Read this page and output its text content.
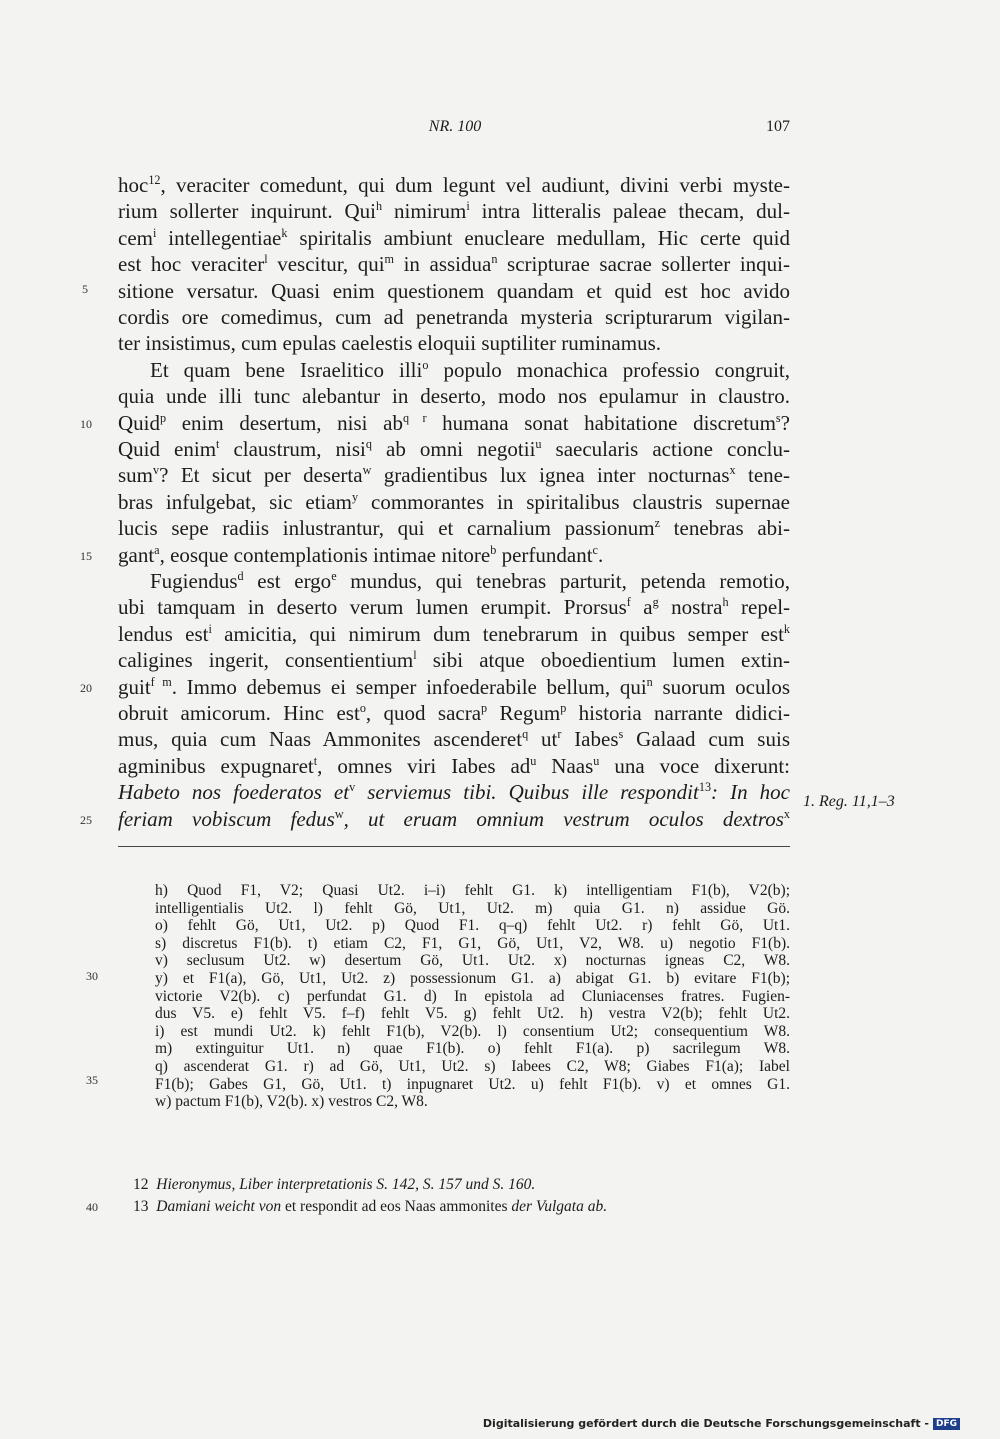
NR. 100	107
hoc$^{12}$, veraciter comedunt, qui dum legunt vel audiunt, divini verbi myste-
rium sollerter inquirunt. Qui$^h$ nimirum$^i$ intra litteralis paleae thecam, dul-
cem$^i$ intellegentiae$^k$ spiritalis ambiunt enucleare medullam, Hic certe quid
est hoc veraciter$^l$ vescitur, qui$^m$ in assidua$^n$ scripturae sacrae sollerter inqui-
sitione versatur. Quasi enim questionem quandam et quid est hoc avido
cordis ore comedimus, cum ad penetranda mysteria scripturarum vigilan-
ter insistimus, cum epulas caelestis eloquii suptiliter ruminamus.
Et quam bene Israelitico illi$^o$ populo monachica professio congruit,
quia unde illi tunc alebantur in deserto, modo nos epulamur in claustro.
Quid$^p$ enim desertum, nisi $ab^{q r}$ humana sonat habitatione discretum$^s$?
Quid enim$^t$ claustrum, nisi$^q$ ab omni negotii$^u$ saecularis actione conclu-
sum$^v$? Et sicut per deserta$^w$ gradientibus lux ignea inter nocturnas$^x$ tene-
bras infulgebat, sic etiam$^y$ commorantes in spiritalibus claustris supernae
lucis sepe radiis inlustrantur, qui et carnalium passionum$^z$ tenebras abi-
gant$^a$, eosque contemplationis intimae nitore$^b$ perfundant$^c$.
Fugiendus$^d$ est ergo$^e$ mundus, qui tenebras parturit, petenda remotio,
ubi tamquam in deserto verum lumen erumpit. Prorsus$^f$ $a^g$ nostra$^h$ repel-
lendus est$^i$ amicitia, qui nimirum dum tenebrarum in quibus semper est$^k$
caligines ingerit, consentientium$^l$ sibi atque oboedientium lumen extin-
guit$^{f m}$. Immo debemus ei semper infoederabile bellum, qui$^n$ suorum oculos
obruit amicorum. Hinc est$^o$, quod sacra$^p$ Regum$^p$ historia narrante didici-
mus, quia cum Naas Ammonites ascenderet$^q$ $ut^r$ Iabes$^s$ Galaad cum suis
agminibus expugnaret$^t$, omnes viri Iabes $ad^u$ Naas$^u$ una voce dixerunt:
Habeto nos foederatos $et^v$ serviemus tibi. Quibus ille respondit$^{13}$: In hoc
feriam vobiscum fedus$^w$, ut eruam omnium vestrum oculos dextros$^x$
5
10
15
20
25
30
35
40
1. Reg. 11,1–3
h) Quod F1, V2; Quasi Ut2. i–i) fehlt G1. k) intelligentiam F1(b), V2(b);
intelligentialis Ut2. l) fehlt Gö, Ut1, Ut2. m) quia G1. n) assidue Gö.
o) fehlt Gö, Ut1, Ut2. p) Quod F1. q–q) fehlt Ut2. r) fehlt Gö, Ut1.
s) discretus F1(b). t) etiam C2, F1, G1, Gö, Ut1, V2, W8. u) negotio F1(b).
v) seclusum Ut2. w) desertum Gö, Ut1. Ut2. x) nocturnas igneas C2, W8.
y) et F1(a), Gö, Ut1, Ut2. z) possessionum G1. a) abigat G1. b) evitare F1(b);
victorie V2(b). c) perfundat G1. d) In epistola ad Cluniacenses fratres. Fugien-
dus V5. e) fehlt V5. f–f) fehlt V5. g) fehlt Ut2. h) vestra V2(b); fehlt Ut2.
i) est mundi Ut2. k) fehlt F1(b), V2(b). l) consentium Ut2; consequentium W8.
m) extinguitur Ut1. n) quae F1(b). o) fehlt F1(a). p) sacrilegum W8.
q) ascenderat G1. r) ad Gö, Ut1, Ut2. s) Iabees C2, W8; Giabes F1(a); Iabel
F1(b); Gabes G1, Gö, Ut1. t) inpugnaret Ut2. u) fehlt F1(b). v) et omnes G1.
w) pactum F1(b), V2(b). x) vestros C2, W8.
12 Hieronymus, Liber interpretationis S. 142, S. 157 und S. 160.
13 Damiani weicht von et respondit ad eos Naas ammonites der Vulgata ab.
Digitalisierung gefördert durch die Deutsche Forschungsgemeinschaft - DFG
